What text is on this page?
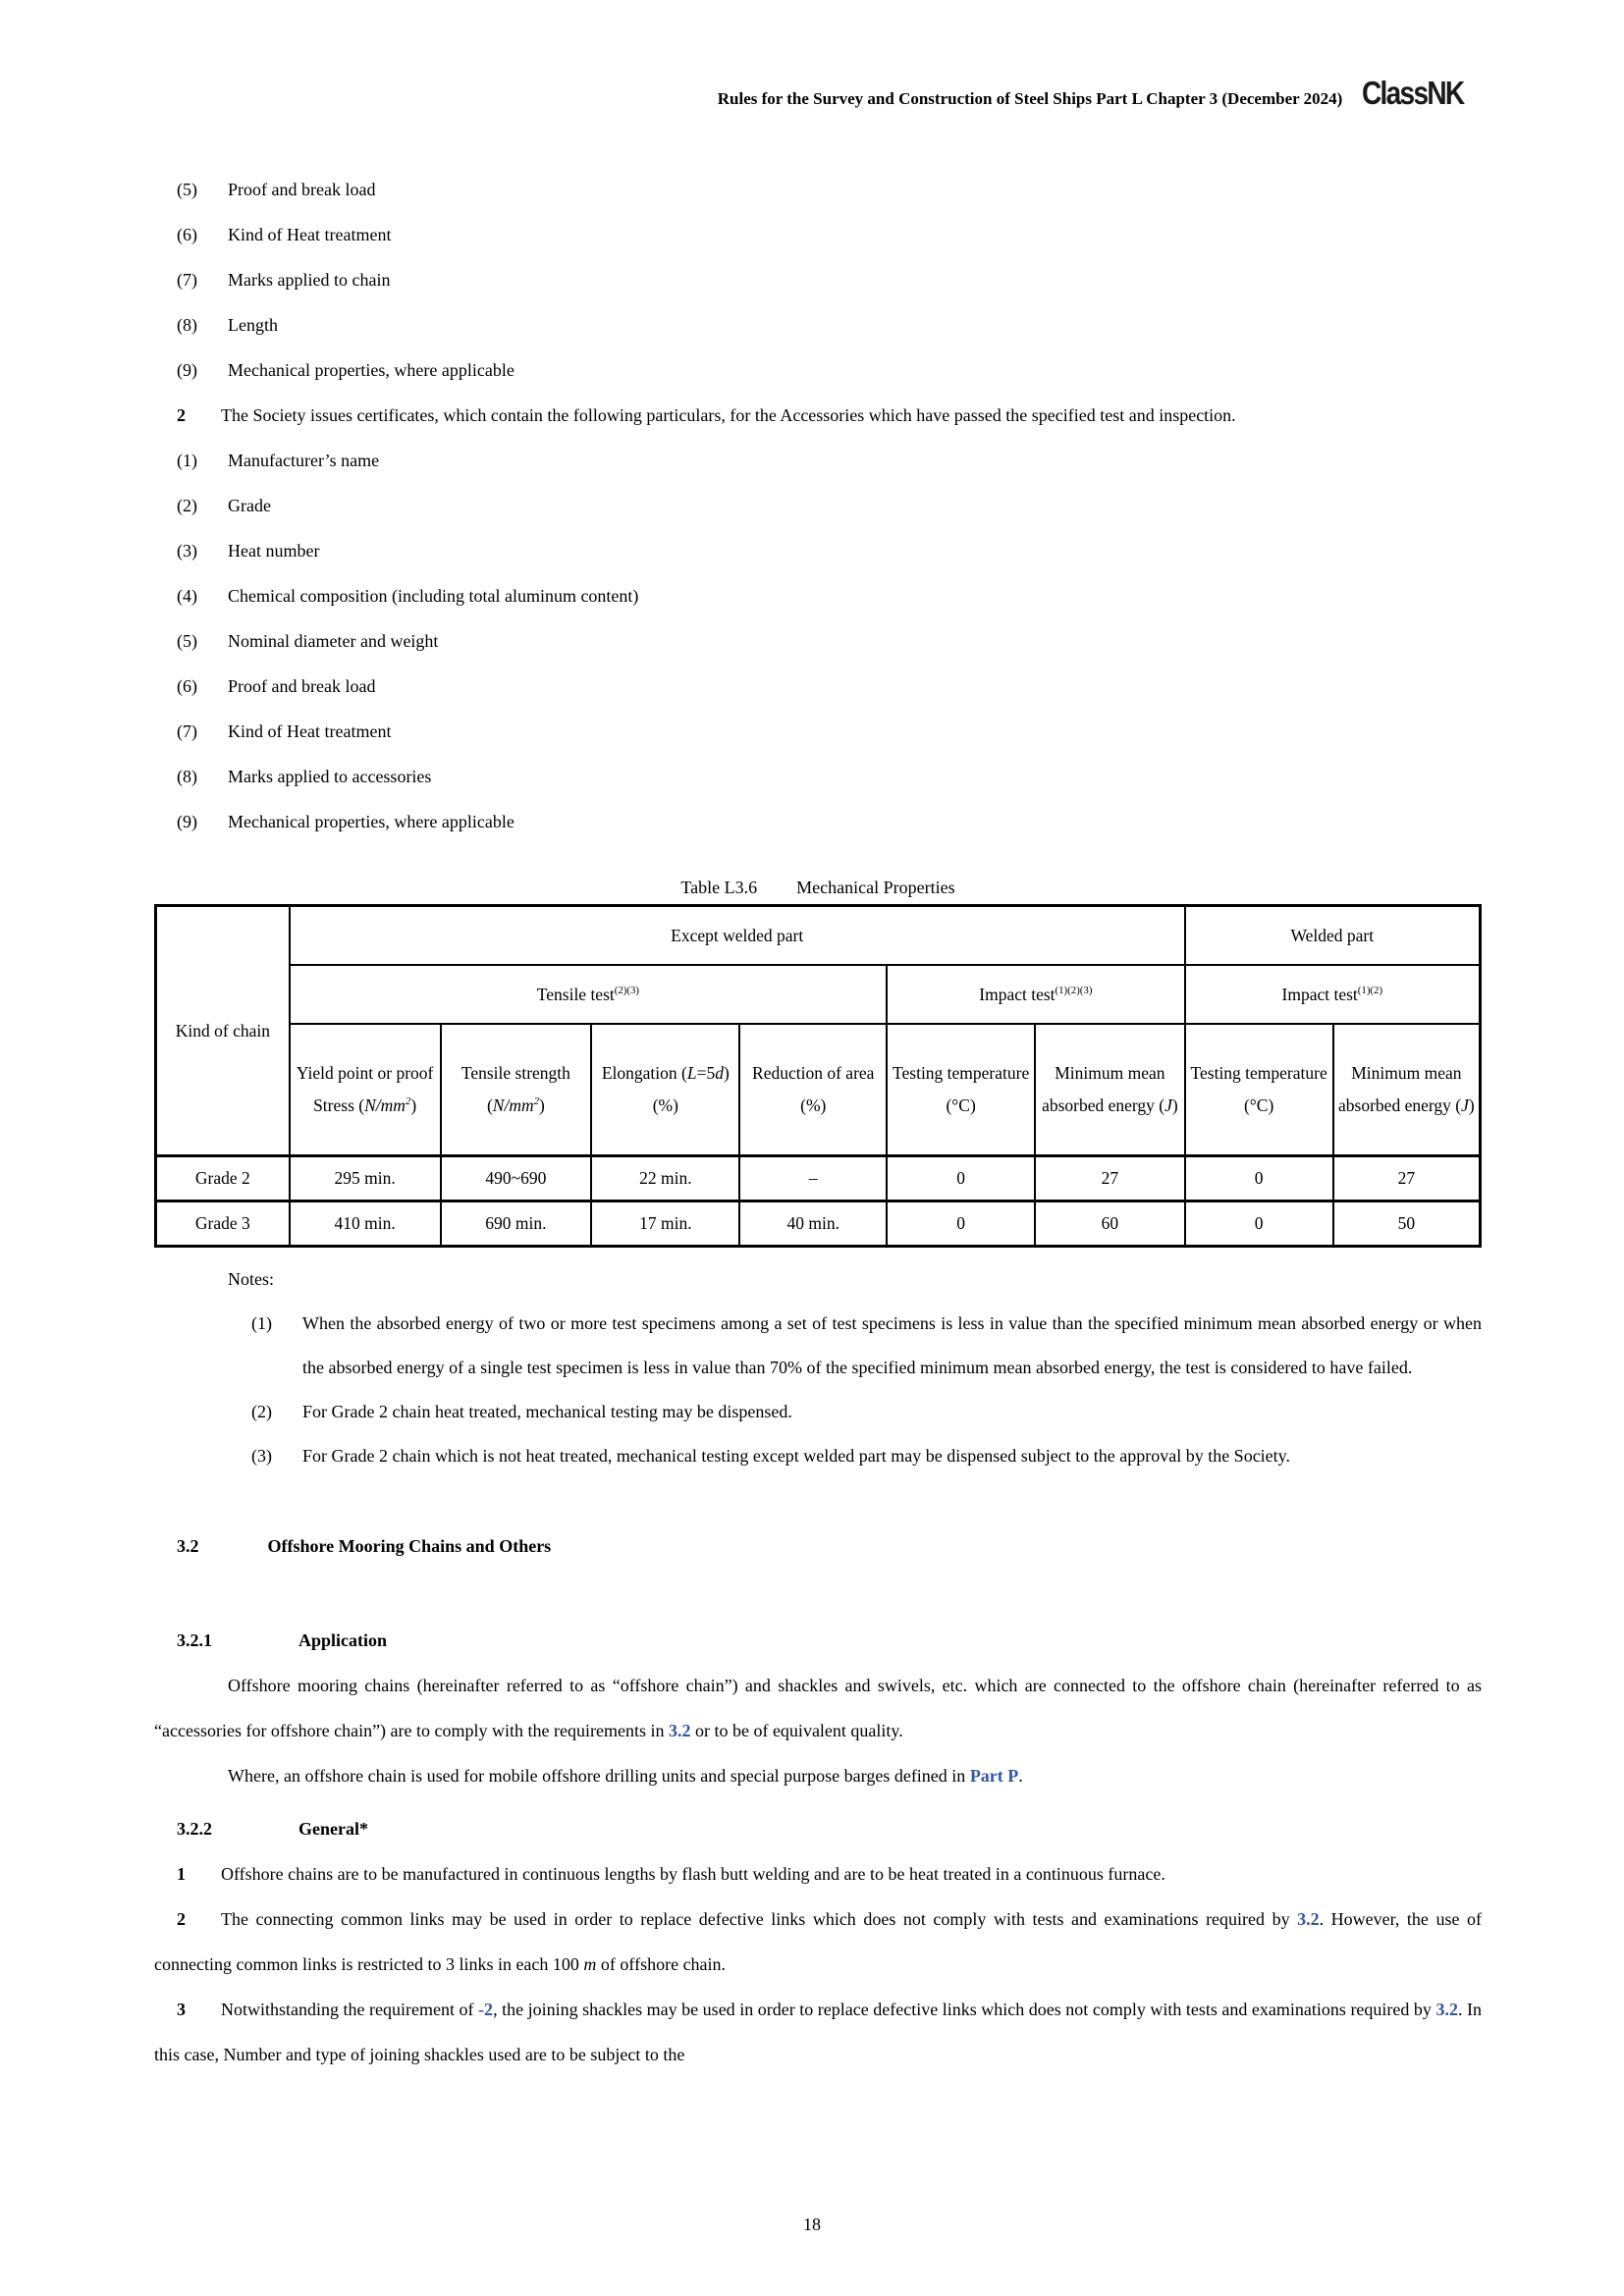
Rules for the Survey and Construction of Steel Ships Part L Chapter 3 (December 2024) ClassNK
(5) Proof and break load
(6) Kind of Heat treatment
(7) Marks applied to chain
(8) Length
(9) Mechanical properties, where applicable

2 The Society issues certificates, which contain the following particulars, for the Accessories which have passed the specified test and inspection.

(1) Manufacturer’s name
(2) Grade
(3) Heat number
(4) Chemical composition (including total aluminum content)
(5) Nominal diameter and weight
(6) Proof and break load
(7) Kind of Heat treatment
(8) Marks applied to accessories
(9) Mechanical properties, where applicable
Table L3.6 Mechanical Properties
Kind of chain	Except welded part						Welded part	
	Tensile test$^{(2)(3)}$				Impact test$^{(1)(2)(3)}$		Impact test$^{(1)(2)}$
	Yield point or proof Stress $(N/mm^2)$	Tensile strength $(N/mm^2)$	Elongation (L=5d) (%)	Reduction of area (%)	Testing temperature (°C)	Minimum mean absorbed energy (J)	Testing temperature (°C)	Minimum mean absorbed energy (J)
Grade 2	295 min.	490~690	22 min.	–	0	27	0	27
Grade 3	410 min.	690 min.	17 min.	40 min.	0	60	0	50
Notes:
(1) When the absorbed energy of two or more test specimens among a set of test specimens is less in value than the specified minimum mean absorbed energy or when the absorbed energy of a single test specimen is less in value than 70% of the specified minimum mean absorbed energy, the test is considered to have failed.
(2) For Grade 2 chain heat treated, mechanical testing may be dispensed.
(3) For Grade 2 chain which is not heat treated, mechanical testing except welded part may be dispensed subject to the approval by the Society.
3.2	Offshore Mooring Chains and Others
3.2.1	Application

Offshore mooring chains (hereinafter referred to as “offshore chain”) and shackles and swivels, etc. which are connected to the offshore chain (hereinafter referred to as “accessories for offshore chain”) are to comply with the requirements in 3.2 or to be of equivalent quality.

Where, an offshore chain is used for mobile offshore drilling units and special purpose barges defined in Part P.

3.2.2	General*

1 Offshore chains are to be manufactured in continuous lengths by flash butt welding and are to be heat treated in a continuous furnace.

2 The connecting common links may be used in order to replace defective links which does not comply with tests and examinations required by 3.2. However, the use of connecting common links is restricted to 3 links in each 100 m of offshore chain.

3 Notwithstanding the requirement of -2, the joining shackles may be used in order to replace defective links which does not comply with tests and examinations required by 3.2. In this case, Number and type of joining shackles used are to be subject to the

18
